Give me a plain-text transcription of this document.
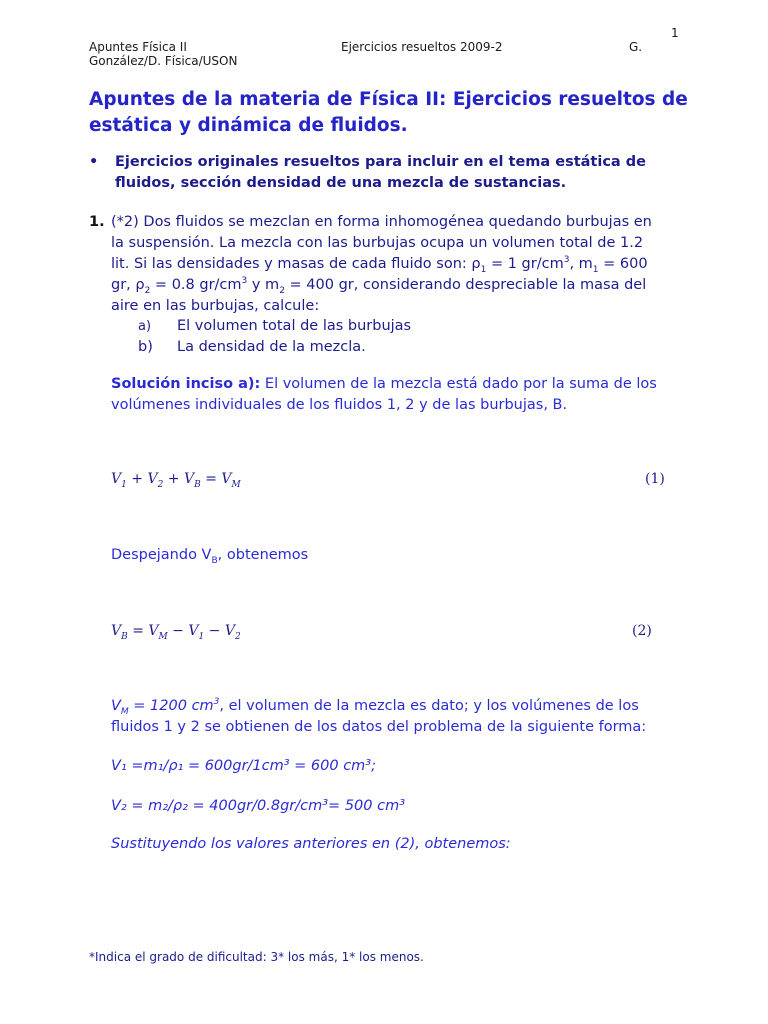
1
Apuntes Física II	Ejercicios resueltos 2009-2	G.
González/D. Física/USON
Apuntes de la materia de Física II: Ejercicios resueltos de
estática y dinámica de fluidos.
• Ejercicios originales resueltos para incluir en el tema estática de
fluidos, sección densidad de una mezcla de sustancias.
1. (*2) Dos fluidos se mezclan en forma inhomogénea quedando burbujas en
la suspensión. La mezcla con las burbujas ocupa un volumen total de 1.2
lit. Si las densidades y masas de cada fluido son: $\rho_1 = 1$ $gr/cm^3$, $m_1 = 600$
gr, $\rho_2 = 0.8$ $gr/cm^3$ y $m_2 = 400$ gr, considerando despreciable la masa del
aire en las burbujas, calcule:
a) El volumen total de las burbujas
b) La densidad de la mezcla.
Solución inciso a): El volumen de la mezcla está dado por la suma de los
volúmenes individuales de los fluidos 1, 2 y de las burbujas, B.
$V_1 + V_2 + V_B = V_M$	(1)
Despejando $V_B$, obtenemos
$V_B = V_M - V_1 - V_2$	(2)
$V_M = 1200$ $cm^3$, el volumen de la mezcla es dato; y los volúmenes de los
fluidos 1 y 2 se obtienen de los datos del problema de la siguiente forma:
V₁ =m₁/ρ₁ = 600gr/1cm³ = 600 cm³;
V₂ = m₂/ρ₂ = 400gr/0.8gr/cm³= 500 cm³
Sustituyendo los valores anteriores en (2), obtenemos:
*Indica el grado de dificultad: 3* los más, 1* los menos.
